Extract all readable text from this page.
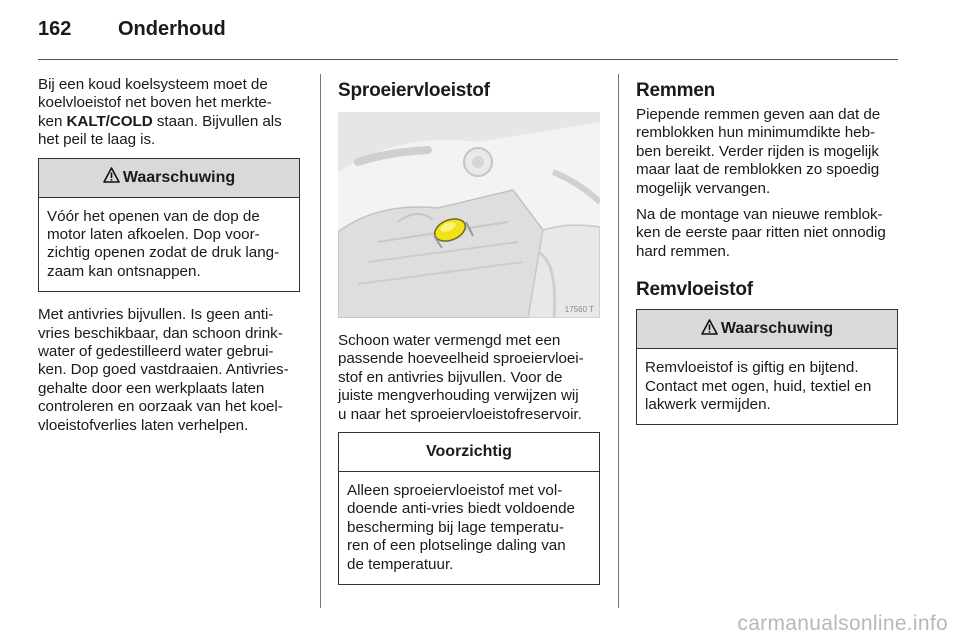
162	Onderhoud

Bij een koud koelsysteem moet de
koelvloeistof net boven het merkte-
ken KALT/COLD staan. Bijvullen als
het peil te laag is.

Waarschuwing
Vóór het openen van de dop de
motor laten afkoelen. Dop voor-
zichtig openen zodat de druk lang-
zaam kan ontsnappen.

Met antivries bijvullen. Is geen anti-
vries beschikbaar, dan schoon drink-
water of gedestilleerd water gebrui-
ken. Dop goed vastdraaien. Antivries-
gehalte door een werkplaats laten
controleren en oorzaak van het koel-
vloeistofverlies laten verhelpen.

Sproeiervloeistof
17560 T

Schoon water vermengd met een
passende hoeveelheid sproeiervloei-
stof en antivries bijvullen. Voor de
juiste mengverhouding verwijzen wij
u naar het sproeiervloeistofreservoir.

Voorzichtig
Alleen sproeiervloeistof met vol-
doende anti-vries biedt voldoende
bescherming bij lage temperatu-
ren of een plotselinge daling van
de temperatuur.
Remmen

Piepende remmen geven aan dat de
remblokken hun minimumdikte heb-
ben bereikt. Verder rijden is mogelijk
maar laat de remblokken zo spoedig
mogelijk vervangen.

Na de montage van nieuwe remblok-
ken de eerste paar ritten niet onnodig
hard remmen.

Remvloeistof
Waarschuwing
Remvloeistof is giftig en bijtend.
Contact met ogen, huid, textiel en
lakwerk vermijden.
carmanualsonline.info
